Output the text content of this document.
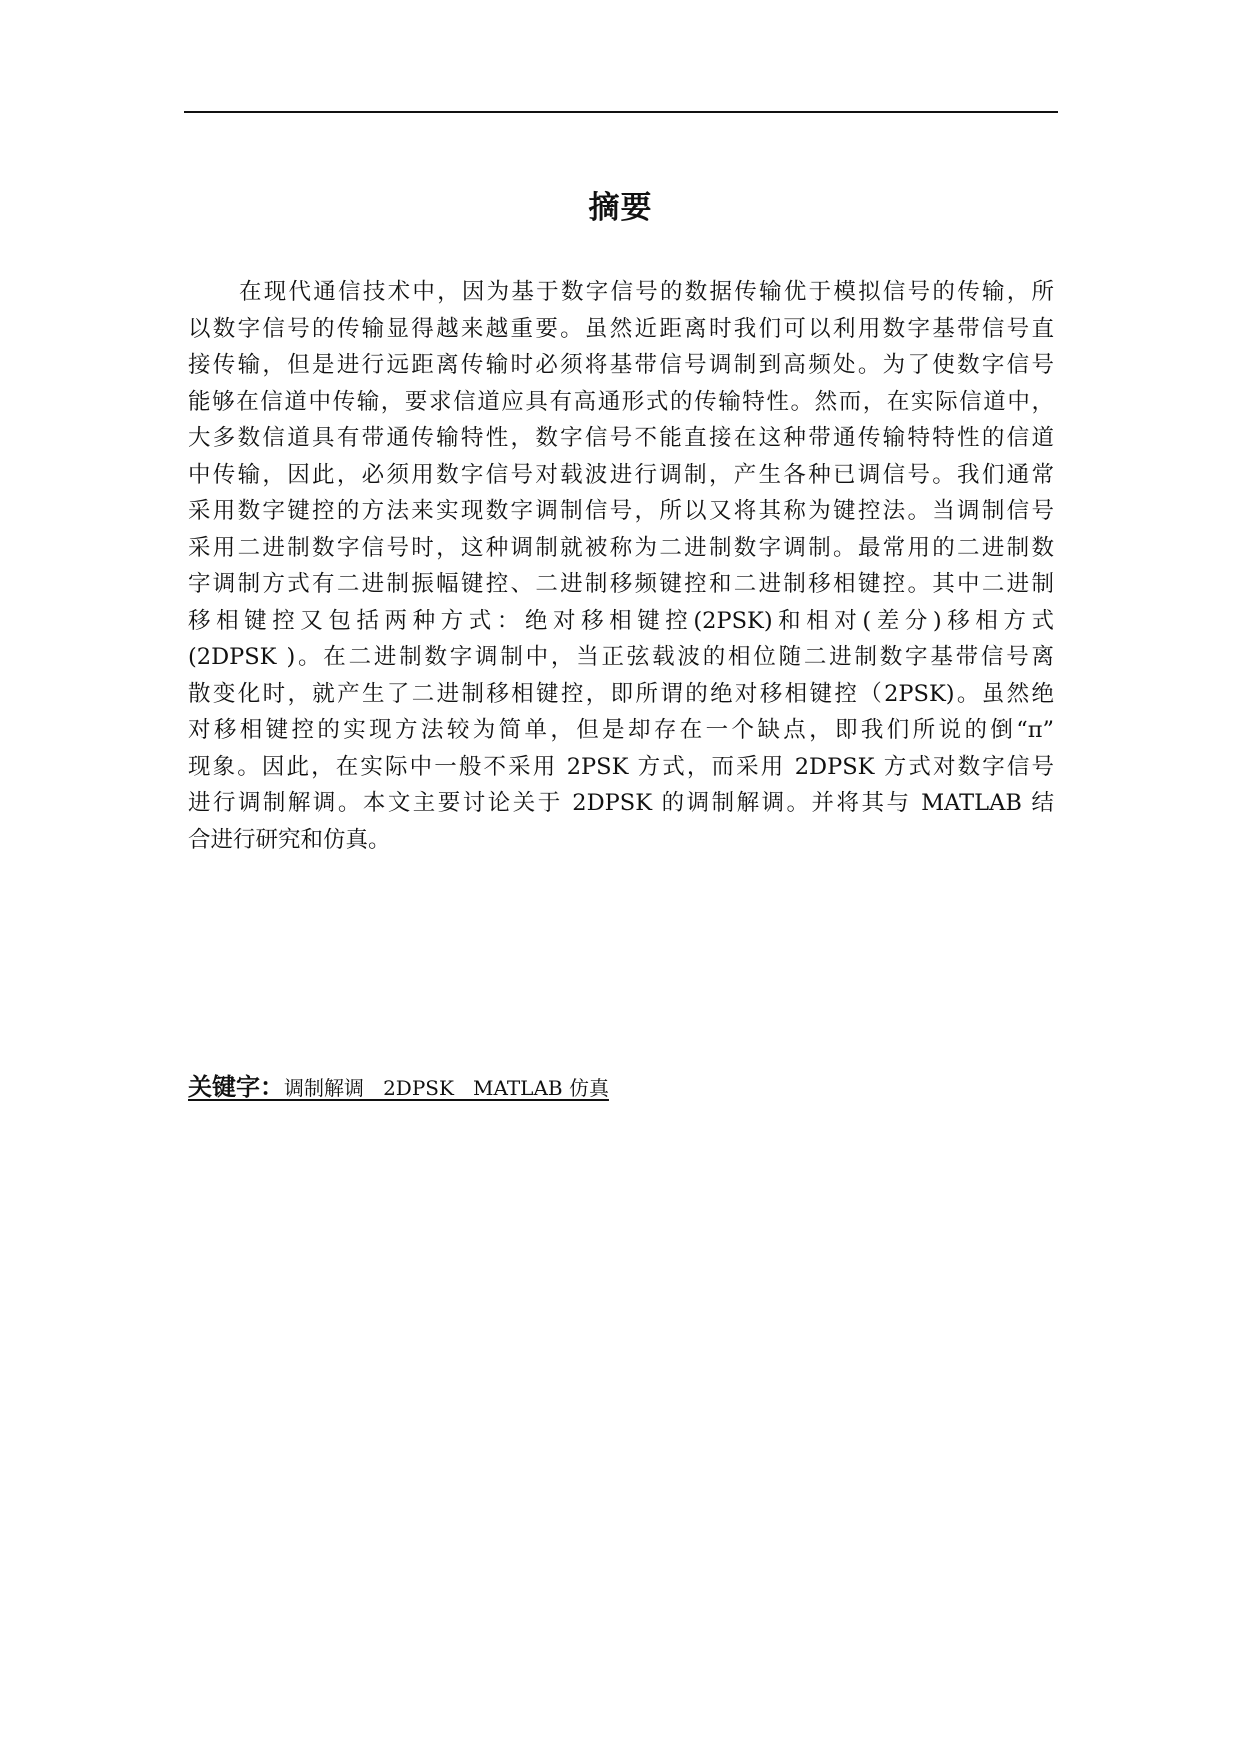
摘要
在现代通信技术中，因为基于数字信号的数据传输优于模拟信号的传输，所
以数字信号的传输显得越来越重要。虽然近距离时我们可以利用数字基带信号直
接传输，但是进行远距离传输时必须将基带信号调制到高频处。为了使数字信号
能够在信道中传输，要求信道应具有高通形式的传输特性。然而，在实际信道中，
大多数信道具有带通传输特性，数字信号不能直接在这种带通传输特特性的信道
中传输，因此，必须用数字信号对载波进行调制，产生各种已调信号。我们通常
采用数字键控的方法来实现数字调制信号，所以又将其称为键控法。当调制信号
采用二进制数字信号时，这种调制就被称为二进制数字调制。最常用的二进制数
字调制方式有二进制振幅键控、二进制移频键控和二进制移相键控。其中二进制
移相键控又包括两种方式：绝对移相键控(2PSK)和相对(差分)移相方式
(2DPSK )。在二进制数字调制中，当正弦载波的相位随二进制数字基带信号离
散变化时，就产生了二进制移相键控，即所谓的绝对移相键控（2PSK)。虽然绝
对移相键控的实现方法较为简单，但是却存在一个缺点，即我们所说的倒“π”
现象。因此，在实际中一般不采用 2PSK 方式，而采用 2DPSK 方式对数字信号
进行调制解调。本文主要讨论关于 2DPSK 的调制解调。并将其与 MATLAB 结
合进行研究和仿真。
关键字：调制解调   2DPSK   MATLAB 仿真
